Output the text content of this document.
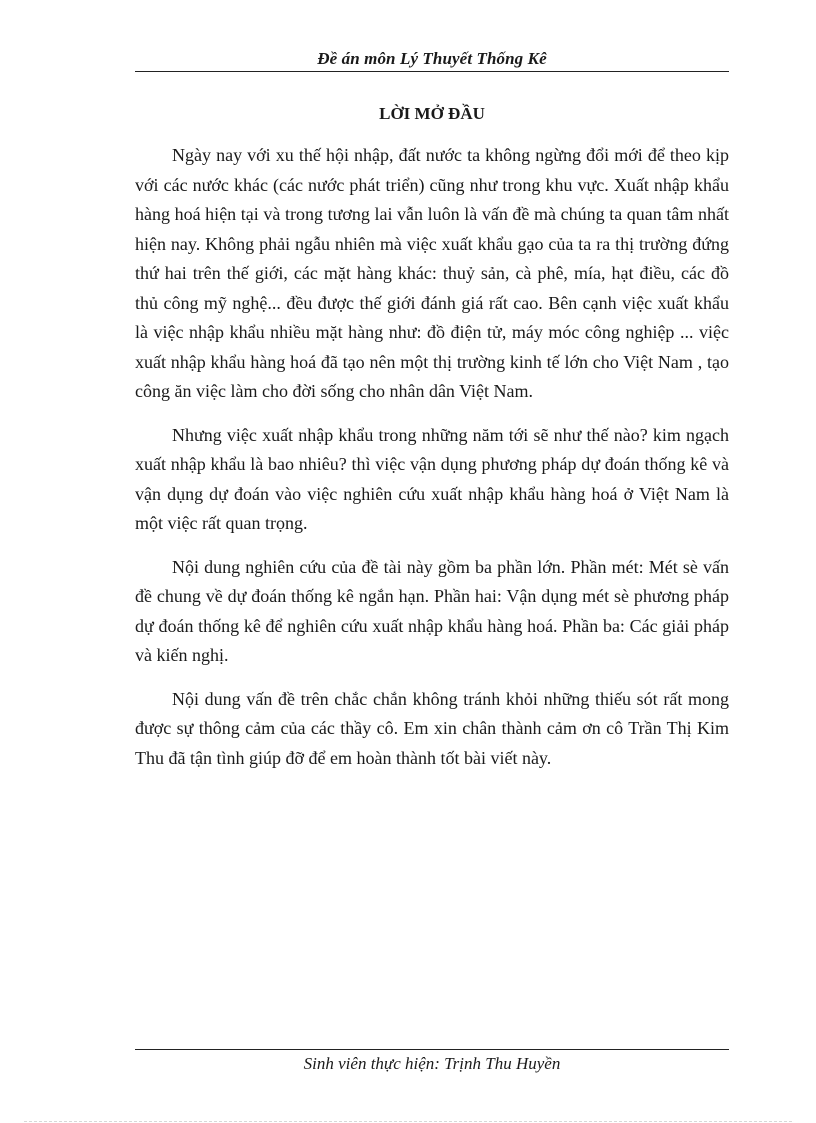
Đề án môn Lý Thuyết Thống Kê
LỜI MỞ ĐẦU

Ngày nay với xu thế hội nhập, đất nước ta không ngừng đổi mới để theo kịp với các nước khác (các nước phát triển) cũng như trong khu vực. Xuất nhập khẩu hàng hoá hiện tại và trong tương lai vẫn luôn là vấn đề mà chúng ta quan tâm nhất hiện nay. Không phải ngẫu nhiên mà việc xuất khẩu gạo của ta ra thị trường đứng thứ hai trên thế giới, các mặt hàng khác: thuỷ sản, cà phê, mía, hạt điều, các đồ thủ công mỹ nghệ... đều được thế giới đánh giá rất cao. Bên cạnh việc xuất khẩu là việc nhập khẩu nhiều mặt hàng như: đồ điện tử, máy móc công nghiệp ... việc xuất nhập khẩu hàng hoá đã tạo nên một thị trường kinh tế lớn cho Việt Nam , tạo công ăn việc làm cho đời sống cho nhân dân Việt Nam.

Nhưng việc xuất nhập khẩu trong những năm tới sẽ như thế nào? kim ngạch xuất nhập khẩu là bao nhiêu? thì việc vận dụng phương pháp dự đoán thống kê và vận dụng dự đoán vào việc nghiên cứu xuất nhập khẩu hàng hoá ở Việt Nam là một việc rất quan trọng.

Nội dung nghiên cứu của đề tài này gồm ba phần lớn. Phần mét: Mét sè vấn đề chung về dự đoán thống kê ngắn hạn. Phần hai: Vận dụng mét sè phương pháp dự đoán thống kê để nghiên cứu xuất nhập khẩu hàng hoá. Phần ba: Các giải pháp và kiến nghị.

Nội dung vấn đề trên chắc chắn không tránh khỏi những thiếu sót rất mong được sự thông cảm của các thầy cô. Em xin chân thành cảm ơn cô Trần Thị Kim Thu đã tận tình giúp đỡ để em hoàn thành tốt bài viết này.

Sinh viên thực hiện: Trịnh Thu Huyền
